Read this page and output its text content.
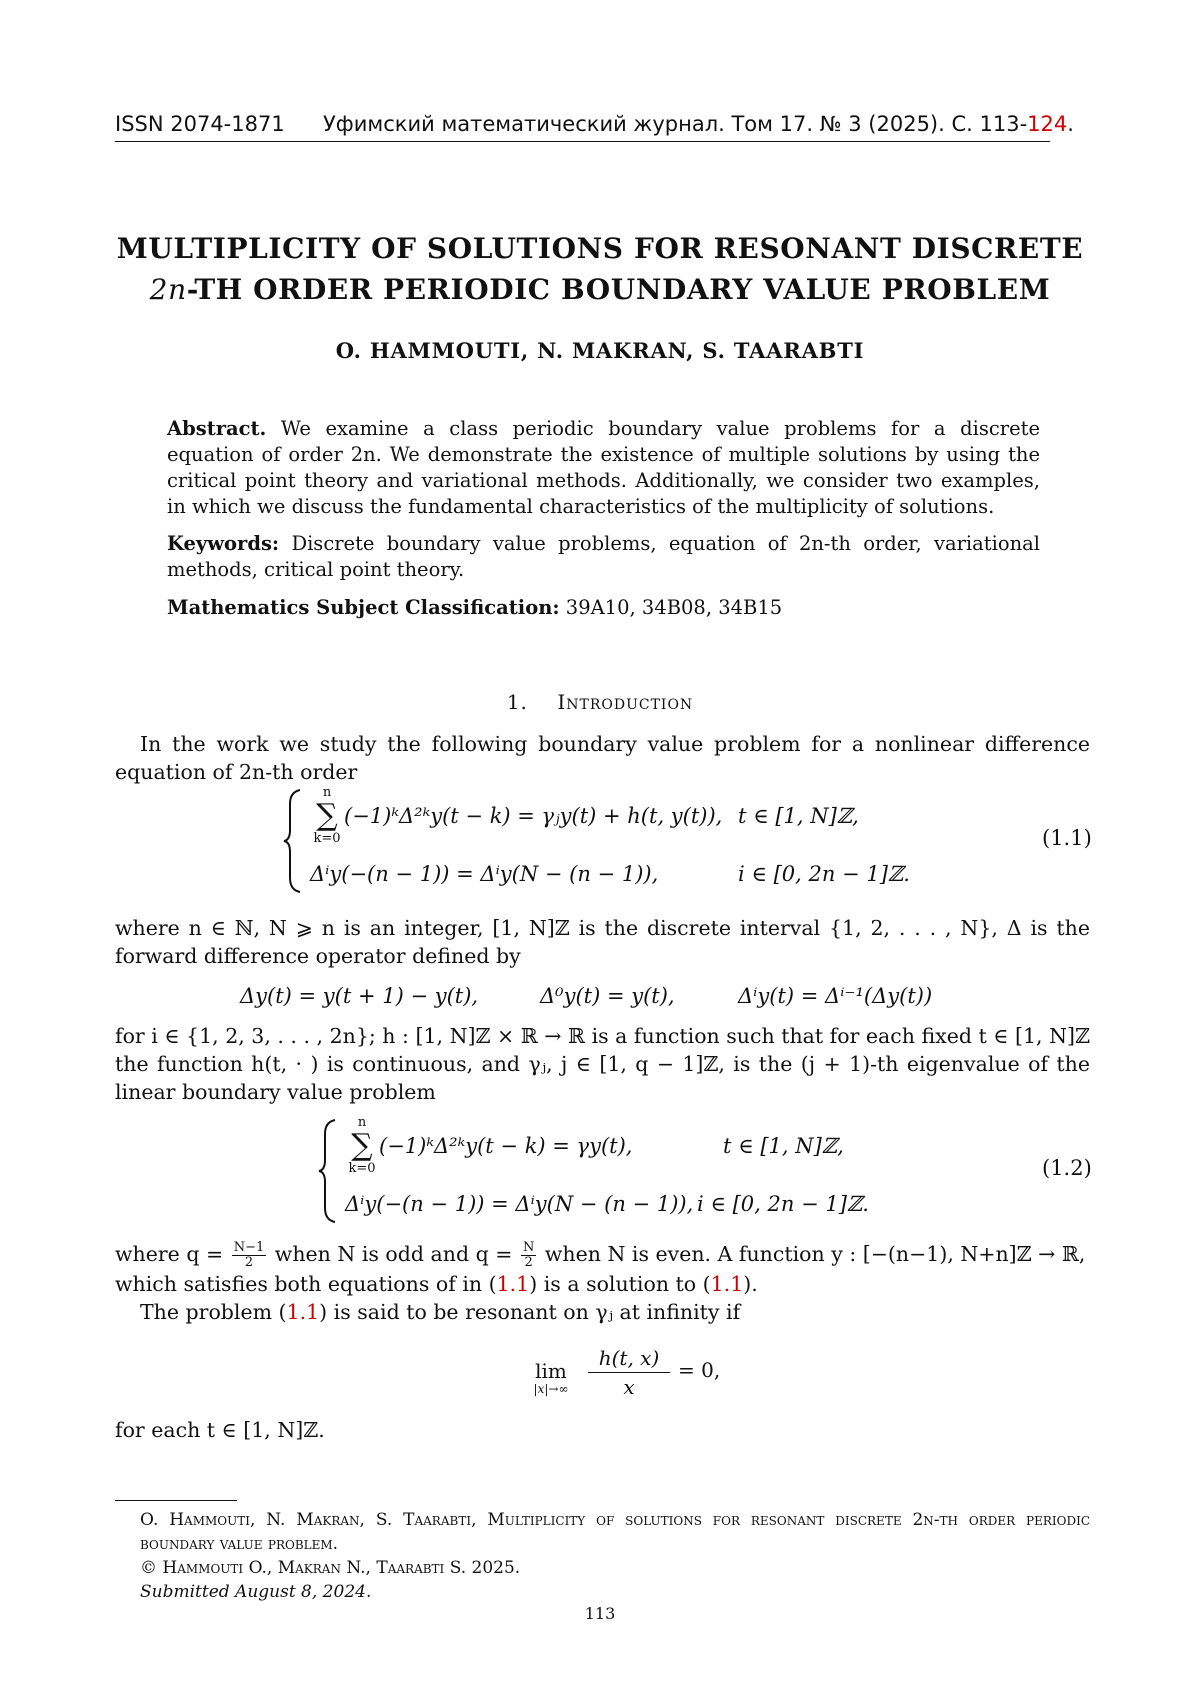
ISSN 2074-1871 Уфимский математический журнал. Том 17. № 3 (2025). С. 113-124.
MULTIPLICITY OF SOLUTIONS FOR RESONANT DISCRETE
2n-TH ORDER PERIODIC BOUNDARY VALUE PROBLEM
O. HAMMOUTI, N. MAKRAN, S. TAARABTI
Abstract. We examine a class periodic boundary value problems for a discrete equation of order 2n. We demonstrate the existence of multiple solutions by using the critical point theory and variational methods. Additionally, we consider two examples, in which we discuss the fundamental characteristics of the multiplicity of solutions.
Keywords: Discrete boundary value problems, equation of 2n-th order, variational methods, critical point theory.
Mathematics Subject Classification: 39A10, 34B08, 34B15
1. Introduction
In the work we study the following boundary value problem for a nonlinear difference equation of 2n-th order
n
∑
k=0
(−1)ᵏΔ²ᵏy(t − k) = γⱼy(t) + h(t, y(t)), t ∈ [1, N]ℤ,
Δⁱy(−(n − 1)) = Δⁱy(N − (n − 1)),	i ∈ [0, 2n − 1]ℤ.
(1.1)
where n ∈ ℕ, N ⩾ n is an integer, [1, N]ℤ is the discrete interval {1, 2, . . . , N}, Δ is the forward difference operator defined by
Δy(t) = y(t + 1) − y(t),	Δ⁰y(t) = y(t),	Δⁱy(t) = Δⁱ⁻¹(Δy(t))
for i ∈ {1, 2, 3, . . . , 2n}; h : [1, N]ℤ × ℝ → ℝ is a function such that for each fixed t ∈ [1, N]ℤ the function h(t, · ) is continuous, and γⱼ, j ∈ [1, q − 1]ℤ, is the (j + 1)-th eigenvalue of the linear boundary value problem
n
∑
k=0
(−1)ᵏΔ²ᵏy(t − k) = γy(t),	t ∈ [1, N]ℤ,
Δⁱy(−(n − 1)) = Δⁱy(N − (n − 1)), i ∈ [0, 2n − 1]ℤ.
(1.2)
where $q = \frac{N-1}{2}$ when N is odd and $q = \frac{N}{2}$ when N is even. A function y : [−(n−1), N+n]ℤ → ℝ,
which satisfies both equations of in (1.1) is a solution to (1.1).
The problem (1.1) is said to be resonant on γⱼ at infinity if
lim
|x|→∞
h(t, x)
x
= 0,
for each t ∈ [1, N]ℤ.
O. Hammouti, N. Makran, S. Taarabti, Multiplicity of solutions for resonant discrete 2n-th order periodic boundary value problem.
© Hammouti O., Makran N., Taarabti S. 2025.
Submitted August 8, 2024.
113
